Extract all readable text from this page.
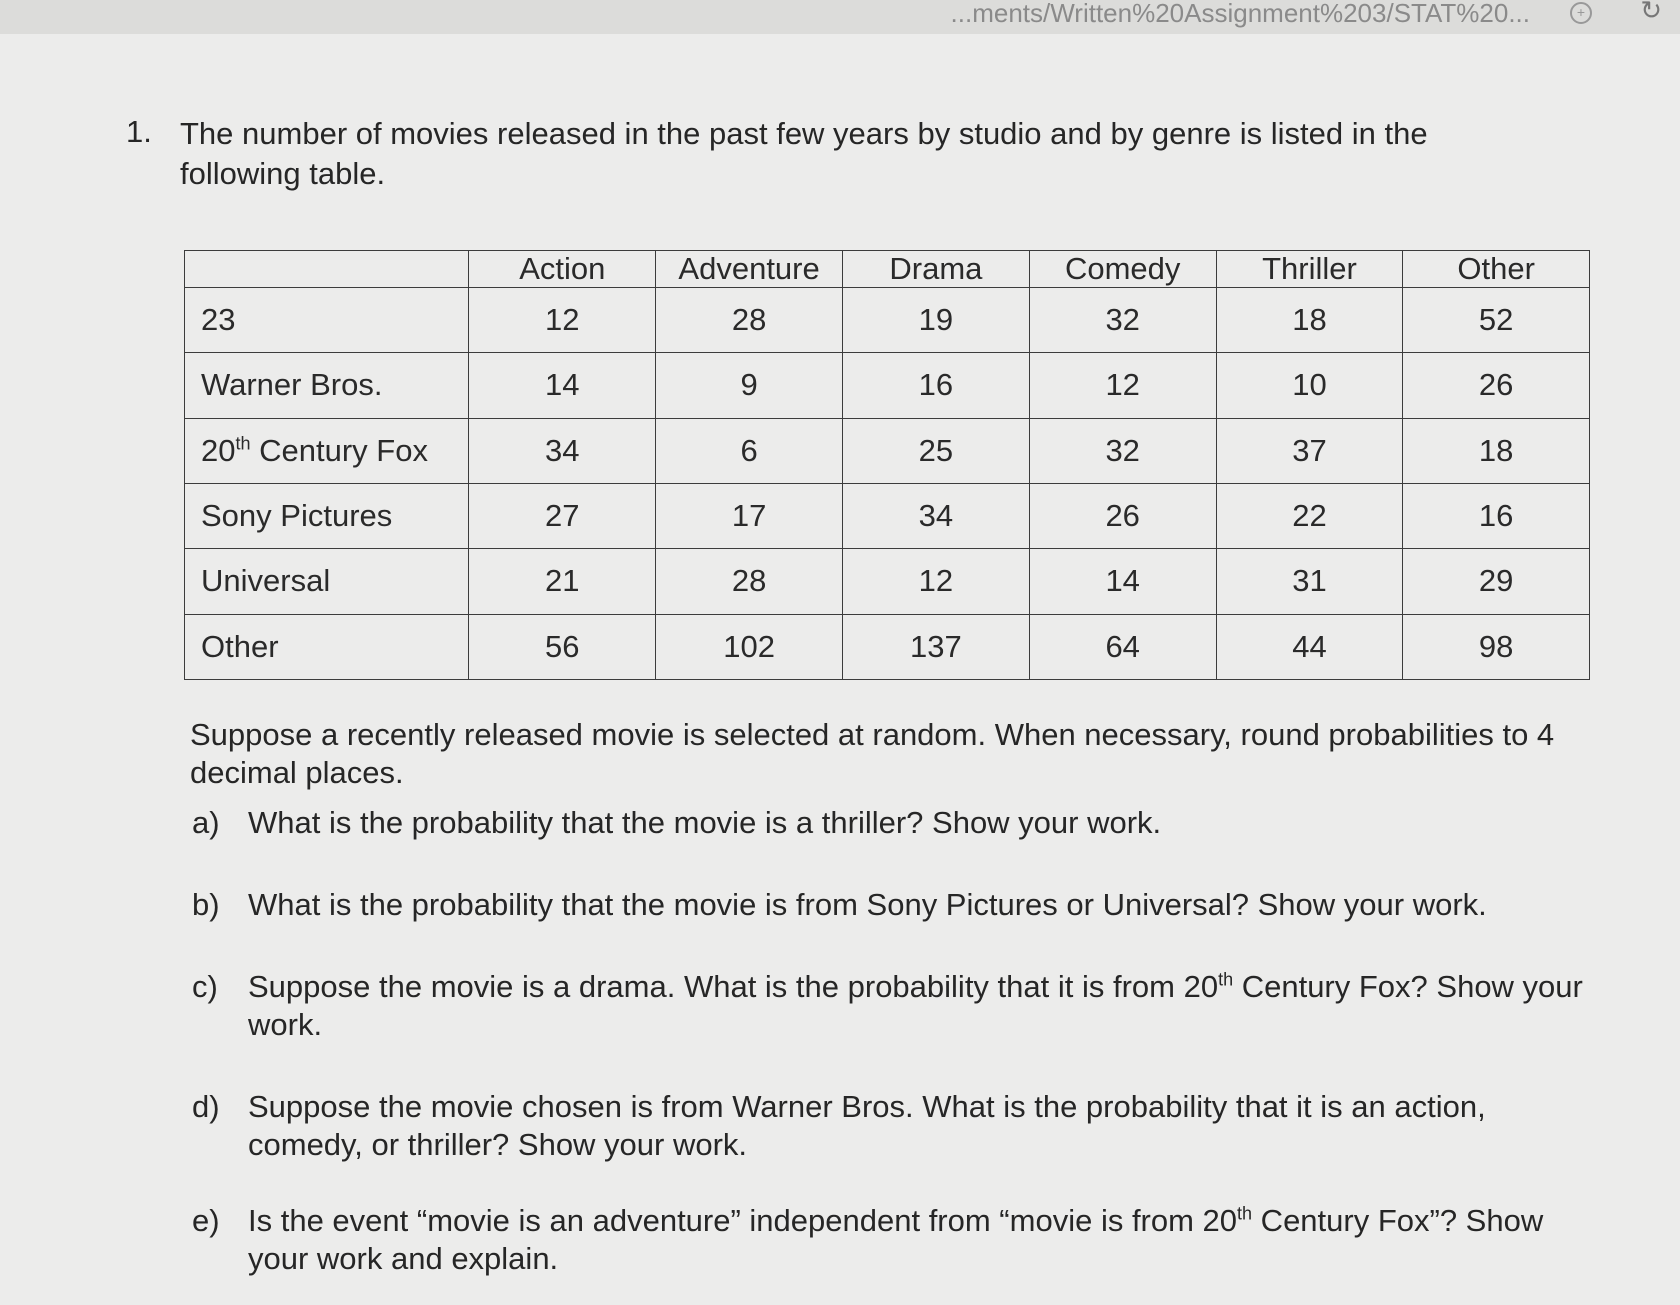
...ments/Written%20Assignment%203/STAT%20...	+ ↻
1. The number of movies released in the past few years by studio and by genre is listed in the following table.
	Action	Adventure	Drama	Comedy	Thriller	Other
23	12	28	19	32	18	52
Warner Bros.	14	9	16	12	10	26
20th Century Fox	34	6	25	32	37	18
Sony Pictures	27	17	34	26	22	16
Universal	21	28	12	14	31	29
Other	56	102	137	64	44	98
Suppose a recently released movie is selected at random. When necessary, round probabilities to 4 decimal places.
a) What is the probability that the movie is a thriller? Show your work.
b) What is the probability that the movie is from Sony Pictures or Universal? Show your work.
c) Suppose the movie is a drama. What is the probability that it is from 20th Century Fox? Show your work.
d) Suppose the movie chosen is from Warner Bros. What is the probability that it is an action, comedy, or thriller? Show your work.
e) Is the event “movie is an adventure” independent from “movie is from 20th Century Fox”? Show your work and explain.
